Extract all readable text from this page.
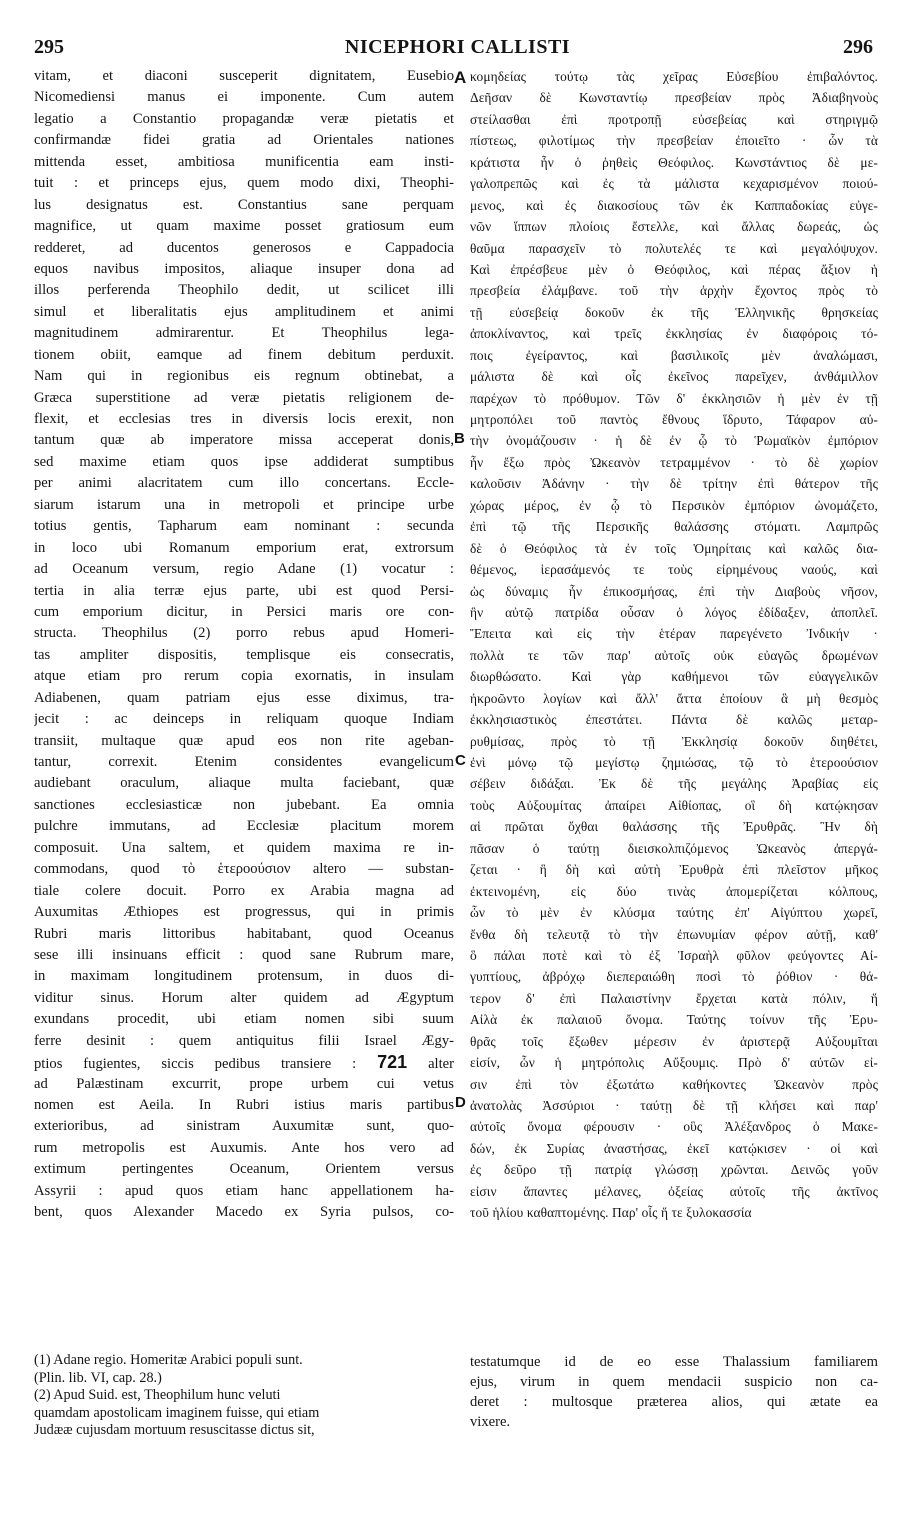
295	NICEPHORI CALLISTI	296
vitam, et diaconi susceperit dignitatem, Eusebio
Nicomediensi manus ei imponente. Cum autem
legatio a Constantio propagandæ veræ pietatis et
confirmandæ fidei gratia ad Orientales nationes
mittenda esset, ambitiosa munificentia eam insti-
tuit : et princeps ejus, quem modo dixi, Theophi-
lus designatus est. Constantius sane perquam
magnifice, ut quam maxime posset gratiosum eum
redderet, ad ducentos generosos e Cappadocia
equos navibus impositos, aliaque insuper dona ad
illos perferenda Theophilo dedit, ut scilicet illi
simul et liberalitatis ejus amplitudinem et animi
magnitudinem admirarentur. Et Theophilus lega-
tionem obiit, eamque ad finem debitum perduxit.
Nam qui in regionibus eis regnum obtinebat, a
Græca superstitione ad veræ pietatis religionem de-
flexit, et ecclesias tres in diversis locis erexit, non
tantum quæ ab imperatore missa acceperat donis,
sed maxime etiam quos ipse addiderat sumptibus
per animi alacritatem cum illo concertans. Eccle-
siarum istarum una in metropoli et principe urbe
totius gentis, Tapharum eam nominant : secunda
in loco ubi Romanum emporium erat, extrorsum
ad Oceanum versum, regio Adane (1) vocatur :
tertia in alia terræ ejus parte, ubi est quod Persi-
cum emporium dicitur, in Persici maris ore con-
structa. Theophilus (2) porro rebus apud Homeri-
tas ampliter dispositis, templisque eis consecratis,
atque etiam pro rerum copia exornatis, in insulam
Adiabenen, quam patriam ejus esse diximus, tra-
jecit : ac deinceps in reliquam quoque Indiam
transiit, multaque quæ apud eos non rite ageban-
tantur, correxit. Etenim considentes evangelicum
audiebant oraculum, aliaque multa faciebant, quæ
sanctiones ecclesiasticæ non jubebant. Ea omnia
pulchre immutans, ad Ecclesiæ placitum morem
composuit. Una saltem, et quidem maxima re in-
commodans, quod τὸ ἑτεροούσιον altero — substan-
tiale colere docuit. Porro ex Arabia magna ad
Auxumitas Æthiopes est progressus, qui in primis
Rubri maris littoribus habitabant, quod Oceanus
sese illi insinuans efficit : quod sane Rubrum mare,
in maximam longitudinem protensum, in duos di-
viditur sinus. Horum alter quidem ad Ægyptum
exundans procedit, ubi etiam nomen sibi suum
ferre desinit : quem antiquitus filii Israel Ægy-
ptios fugientes, siccis pedibus transiere : 721 alter
ad Palæstinam excurrit, prope urbem cui vetus
nomen est Aeila. In Rubri istius maris partibus
exterioribus, ad sinistram Auxumitæ sunt, quo-
rum metropolis est Auxumis. Ante hos vero ad
extimum pertingentes Oceanum, Orientem versus
Assyrii : apud quos etiam hanc appellationem ha-
bent, quos Alexander Macedo ex Syria pulsos, co-
κομηδείας τούτῳ τὰς χεῖρας Εὐσεβίου ἐπιβαλόντος.
Δεῆσαν δὲ Κωνσταντίῳ πρεσβείαν πρὸς Ἀδιαβηνοὺς
στείλασθαι ἐπὶ προτροπῇ εὐσεβείας καὶ στηριγμῷ
πίστεως, φιλοτίμως τὴν πρεσβείαν ἐποιεῖτο · ὧν τὰ
κράτιστα ἦν ὁ ῥηθεὶς Θεόφιλος. Κωνστάντιος δὲ με-
γαλοπρεπῶς καὶ ἐς τὰ μάλιστα κεχαρισμένον ποιού-
μενος, καὶ ἐς διακοσίους τῶν ἐκ Καππαδοκίας εὐγε-
νῶν ἵππων πλοίοις ἔστελλε, καὶ ἄλλας δωρεάς, ὡς
θαῦμα παρασχεῖν τὸ πολυτελές τε καὶ μεγαλόψυχον.
Καὶ ἐπρέσβευε μὲν ὁ Θεόφιλος, καὶ πέρας ἄξιον ἡ
πρεσβεία ἐλάμβανε. τοῦ τὴν ἀρχὴν ἔχοντος πρὸς τὸ
τῇ εὐσεβείᾳ δοκοῦν ἐκ τῆς Ἑλληνικῆς θρησκείας
ἀποκλίναντος, καὶ τρεῖς ἐκκλησίας ἐν διαφόροις τό-
ποις ἐγείραντος, καὶ βασιλικοῖς μὲν ἀναλώμασι,
μάλιστα δὲ καὶ οἷς ἐκεῖνος παρεῖχεν, ἀνθάμιλλον
παρέχων τὸ πρόθυμον. Τῶν δ' ἐκκλησιῶν ἡ μὲν ἐν τῇ
μητροπόλει τοῦ παντὸς ἔθνους ἵδρυτο, Τάφαρον αὐ-
τὴν ὀνομάζουσιν · ἡ δὲ ἐν ᾧ τὸ Ῥωμαϊκὸν ἐμπόριον
ἦν ἔξω πρὸς Ὠκεανὸν τετραμμένον · τὸ δὲ χωρίον
καλοῦσιν Ἀδάνην · τὴν δὲ τρίτην ἐπὶ θάτερον τῆς
χώρας μέρος, ἐν ᾧ τὸ Περσικὸν ἐμπόριον ὠνομάζετο,
ἐπὶ τῷ τῆς Περσικῆς θαλάσσης στόματι. Λαμπρῶς
δὲ ὁ Θεόφιλος τὰ ἐν τοῖς Ὁμηρίταις καὶ καλῶς δια-
θέμενος, ἱερασάμενός τε τοὺς εἰρημένους ναούς, καὶ
ὡς δύναμις ἦν ἐπικοσμήσας, ἐπὶ τὴν Διαβοὺς νῆσον,
ἣν αὐτῷ πατρίδα οὖσαν ὁ λόγος ἐδίδαξεν, ἀποπλεῖ.
Ἔπειτα καὶ εἰς τὴν ἑτέραν παρεγένετο Ἰνδικήν ·
πολλὰ τε τῶν παρ' αὐτοῖς οὐκ εὐαγῶς δρωμένων
διωρθώσατο. Καὶ γὰρ καθήμενοι τῶν εὐαγγελικῶν
ἠκροῶντο λογίων καὶ ἄλλ' ἄττα ἐποίουν ἃ μὴ θεσμὸς
ἐκκλησιαστικὸς ἐπεστάτει. Πάντα δὲ καλῶς μεταρ-
ρυθμίσας, πρὸς τὸ τῇ Ἐκκλησίᾳ δοκοῦν διηθέτει,
ἐνὶ μόνῳ τῷ μεγίστῳ ζημιώσας, τῷ τὸ ἑτεροούσιον
σέβειν διδάξαι. Ἐκ δὲ τῆς μεγάλης Ἀραβίας εἰς
τοὺς Αὐξουμίτας ἀπαίρει Αἰθίοπας, οἳ δὴ κατῴκησαν
αἱ πρῶται ὄχθαι θαλάσσης τῆς Ἐρυθρᾶς. Ἣν δὴ
πᾶσαν ὁ ταύτῃ διεισκολπιζόμενος Ὠκεανὸς ἀπεργά-
ζεται · ἣ δὴ καὶ αὐτὴ Ἐρυθρὰ ἐπὶ πλεῖστον μῆκος
ἐκτεινομένη, εἰς δύο τινὰς ἀπομερίζεται κόλπους,
ὧν τὸ μὲν ἐν κλύσμα ταύτης ἐπ' Αἰγύπτου χωρεῖ,
ἔνθα δὴ τελευτᾷ τὸ τὴν ἐπωνυμίαν φέρον αὐτῇ, καθ'
ὃ πάλαι ποτὲ καὶ τὸ ἐξ Ἰσραὴλ φῦλον φεύγοντες Αἰ-
γυπτίους, ἀβρόχῳ διεπεραιώθη ποσὶ τὸ ῥόθιον · θά-
τερον δ' ἐπὶ Παλαιστίνην ἔρχεται κατὰ πόλιν, ἥ
Αἰλὰ ἐκ παλαιοῦ ὄνομα. Ταύτης τοίνυν τῆς Ἐρυ-
θρᾶς τοῖς ἔξωθεν μέρεσιν ἐν ἀριστερᾷ Αὐξουμῖται
εἰσίν, ὧν ἡ μητρόπολις Αὔξουμις. Πρὸ δ' αὐτῶν εἰ-
σιν ἐπὶ τὸν ἐξωτάτω καθήκοντες Ὠκεανὸν πρὸς
ἀνατολὰς Ἀσσύριοι · ταύτῃ δὲ τῇ κλήσει καὶ παρ'
αὐτοῖς ὄνομα φέρουσιν · οὓς Ἀλέξανδρος ὁ Μακε-
δών, ἐκ Συρίας ἀναστήσας, ἐκεῖ κατῴκισεν · οἱ καὶ
ἐς δεῦρο τῇ πατρίᾳ γλώσσῃ χρῶνται. Δεινῶς γοῦν
εἰσιν ἅπαντες μέλανες, ὀξείας αὐτοῖς τῆς ἀκτῖνος
τοῦ ἡλίου καθαπτομένης. Παρ' οἷς ἥ τε ξυλοκασσία
A
B
C
D
(1) Adane regio. Homeritæ Arabici populi sunt.
(Plin. lib. VI, cap. 28.)
(2) Apud Suid. est, Theophilum hunc veluti
quamdam apostolicam imaginem fuisse, qui etiam
Judææ cujusdam mortuum resuscitasse dictus sit,
testatumque id de eo esse Thalassium familiarem
ejus, virum in quem mendacii suspicio non ca-
deret : multosque præterea alios, qui ætate ea
vixere.
